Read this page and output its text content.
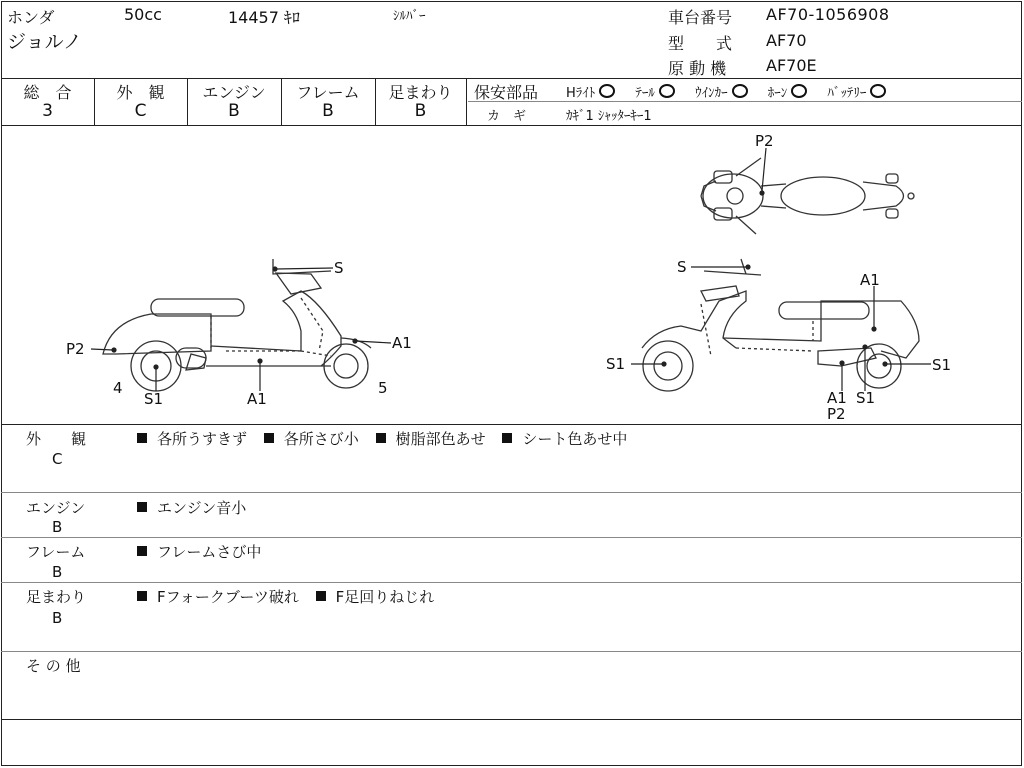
ホンダ	50cc	14457 ｷﾛ	ｼﾙﾊﾞｰ
ジョルノ
車台番号 AF70-1056908
型　　式 AF70
原 動 機 AF70E
総　合
3
外　観
C
エンジン
B
フレーム
B
足まわり
B
保安部品 Hﾗｲﾄ	ﾃｰﾙ	ｳｲﾝｶｰ	ﾎｰﾝ	ﾊﾞｯﾃﾘｰ
カ　ギ	ｶｷﾞ1 ｼｬｯﾀｰｷｰ1
P2
S
P2	A1
4
S1	A1
5
S
A1
S1	S1
A1 S1
P2
外　　観
C
各所うすきず 各所さび小 樹脂部色あせ シート色あせ中
エンジン
B
エンジン音小
フレーム
B
フレームさび中
足まわり
B
Fフォークブーツ破れ F足回りねじれ
そ の 他
